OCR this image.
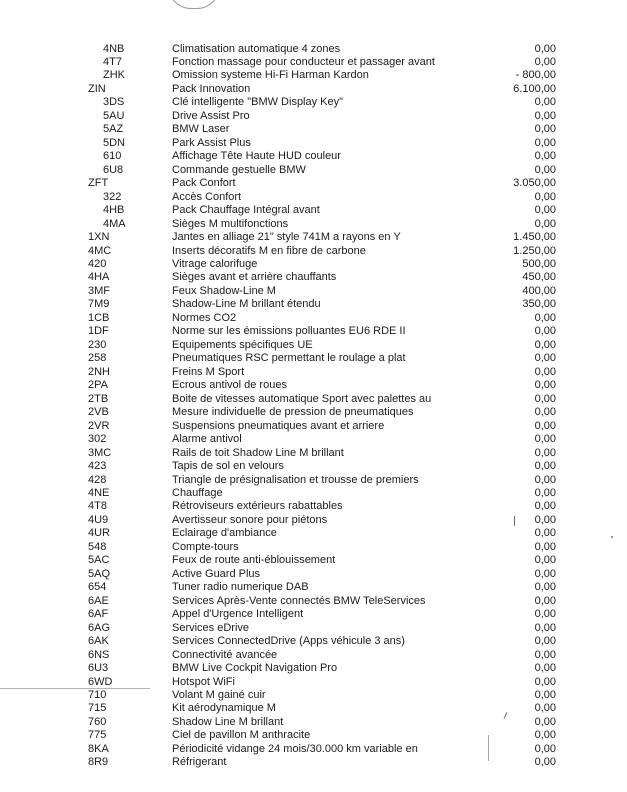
4NB	Climatisation automatique 4 zones	0,00
4T7	Fonction massage pour conducteur et passager avant	0,00
ZHK	Omission systeme Hi-Fi Harman Kardon	- 800,00
ZIN	Pack Innovation	6.100,00
3DS	Clé intelligente "BMW Display Key"	0,00
5AU	Drive Assist Pro	0,00
5AZ	BMW Laser	0,00
5DN	Park Assist Plus	0,00
610	Affichage Tête Haute HUD couleur	0,00
6U8	Commande gestuelle BMW	0,00
ZFT	Pack Confort	3.050,00
322	Accès Confort	0,00
4HB	Pack Chauffage Intégral avant	0,00
4MA	Sièges M multifonctions	0,00
1XN	Jantes en alliage 21" style 741M a rayons en Y	1.450,00
4MC	Inserts décoratifs M en fibre de carbone	1.250,00
420	Vitrage calorifuge	500,00
4HA	Sièges avant et arrière chauffants	450,00
3MF	Feux Shadow-Line M	400,00
7M9	Shadow-Line M brillant étendu	350,00
1CB	Normes CO2	0,00
1DF	Norme sur les émissions polluantes EU6 RDE II	0,00
230	Equipements spécifiques UE	0,00
258	Pneumatiques RSC permettant le roulage a plat	0,00
2NH	Freins M Sport	0,00
2PA	Ecrous antivol de roues	0,00
2TB	Boite de vitesses automatique Sport avec palettes au	0,00
2VB	Mesure individuelle de pression de pneumatiques	0,00
2VR	Suspensions pneumatiques avant et arriere	0,00
302	Alarme antivol	0,00
3MC	Rails de toit Shadow Line M brillant	0,00
423	Tapis de sol en velours	0,00
428	Triangle de présignalisation et trousse de premiers	0,00
4NE	Chauffage	0,00
4T8	Rétroviseurs extérieurs rabattables	0,00
4U9	Avertisseur sonore pour piétons	0,00
4UR	Eclairage d'ambiance	0,00
548	Compte-tours	0,00
5AC	Feux de route anti-éblouissement	0,00
5AQ	Active Guard Plus	0,00
654	Tuner radio numerique DAB	0,00
6AE	Services Après-Vente connectés BMW TeleServices	0,00
6AF	Appel d'Urgence Intelligent	0,00
6AG	Services eDrive	0,00
6AK	Services ConnectedDrive (Apps véhicule 3 ans)	0,00
6NS	Connectivité avancée	0,00
6U3	BMW Live Cockpit Navigation Pro	0,00
6WD	Hotspot WiFi	0,00
710	Volant M gainé cuir	0,00
715	Kit aérodynamique M	0,00
760	Shadow Line M brillant	0,00
775	Ciel de pavillon M anthracite	0,00
8KA	Périodicité vidange 24 mois/30.000 km variable en	0,00
8R9	Réfrigerant	0,00
